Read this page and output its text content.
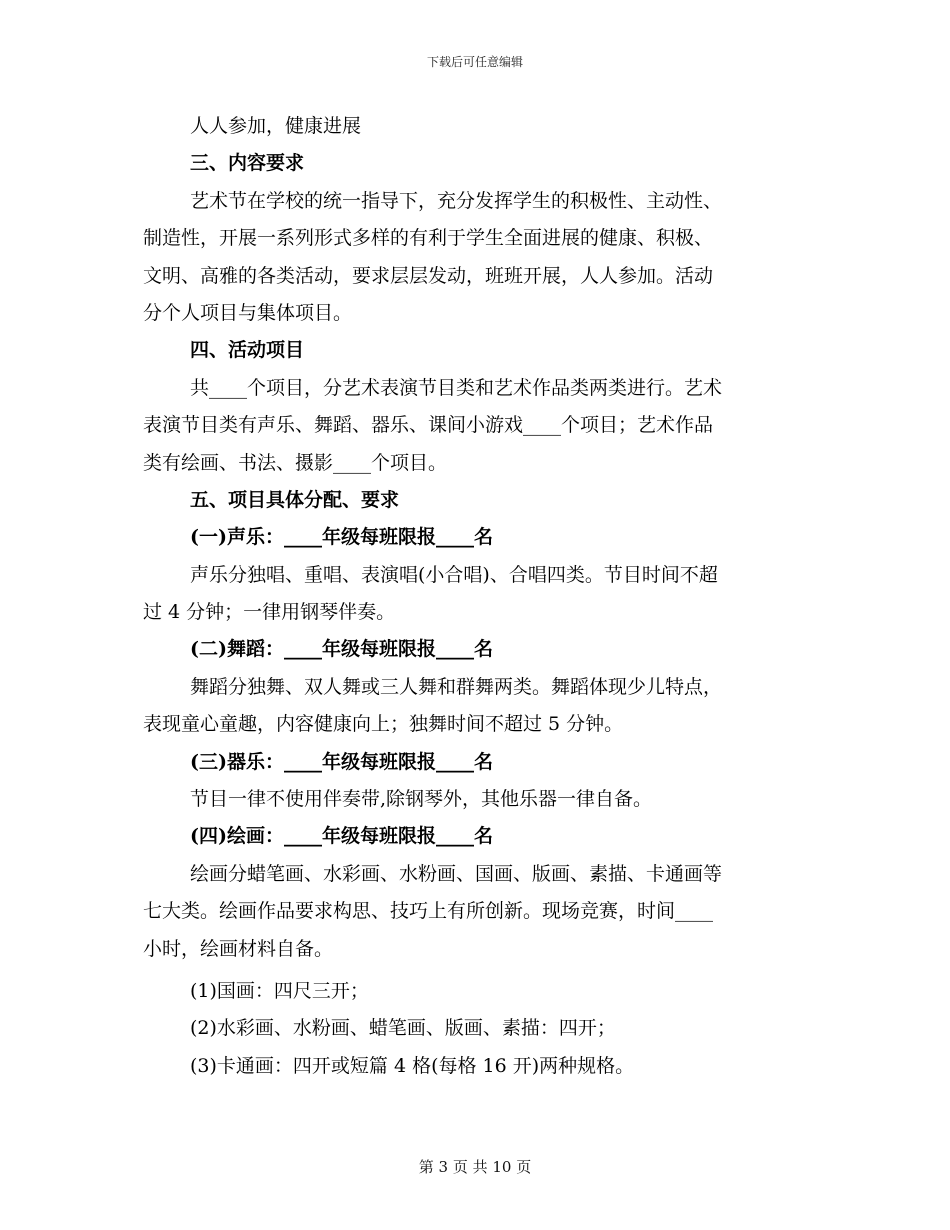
下载后可任意编辑
人人参加，健康进展
三、内容要求
艺术节在学校的统一指导下，充分发挥学生的积极性、主动性、
制造性，开展一系列形式多样的有利于学生全面进展的健康、积极、
文明、高雅的各类活动，要求层层发动，班班开展，人人参加。活动
分个人项目与集体项目。
四、活动项目
共____个项目，分艺术表演节目类和艺术作品类两类进行。艺术
表演节目类有声乐、舞蹈、器乐、课间小游戏____个项目；艺术作品
类有绘画、书法、摄影____个项目。
五、项目具体分配、要求
(一)声乐：____年级每班限报____名
声乐分独唱、重唱、表演唱(小合唱)、合唱四类。节目时间不超
过 4 分钟；一律用钢琴伴奏。
(二)舞蹈：____年级每班限报____名
舞蹈分独舞、双人舞或三人舞和群舞两类。舞蹈体现少儿特点，
表现童心童趣，内容健康向上；独舞时间不超过 5 分钟。
(三)器乐：____年级每班限报____名
节目一律不使用伴奏带,除钢琴外，其他乐器一律自备。
(四)绘画：____年级每班限报____名
绘画分蜡笔画、水彩画、水粉画、国画、版画、素描、卡通画等
七大类。绘画作品要求构思、技巧上有所创新。现场竞赛，时间____
小时，绘画材料自备。
(1)国画：四尺三开；
(2)水彩画、水粉画、蜡笔画、版画、素描：四开；
(3)卡通画：四开或短篇 4 格(每格 16 开)两种规格。
第 3 页 共 10 页
